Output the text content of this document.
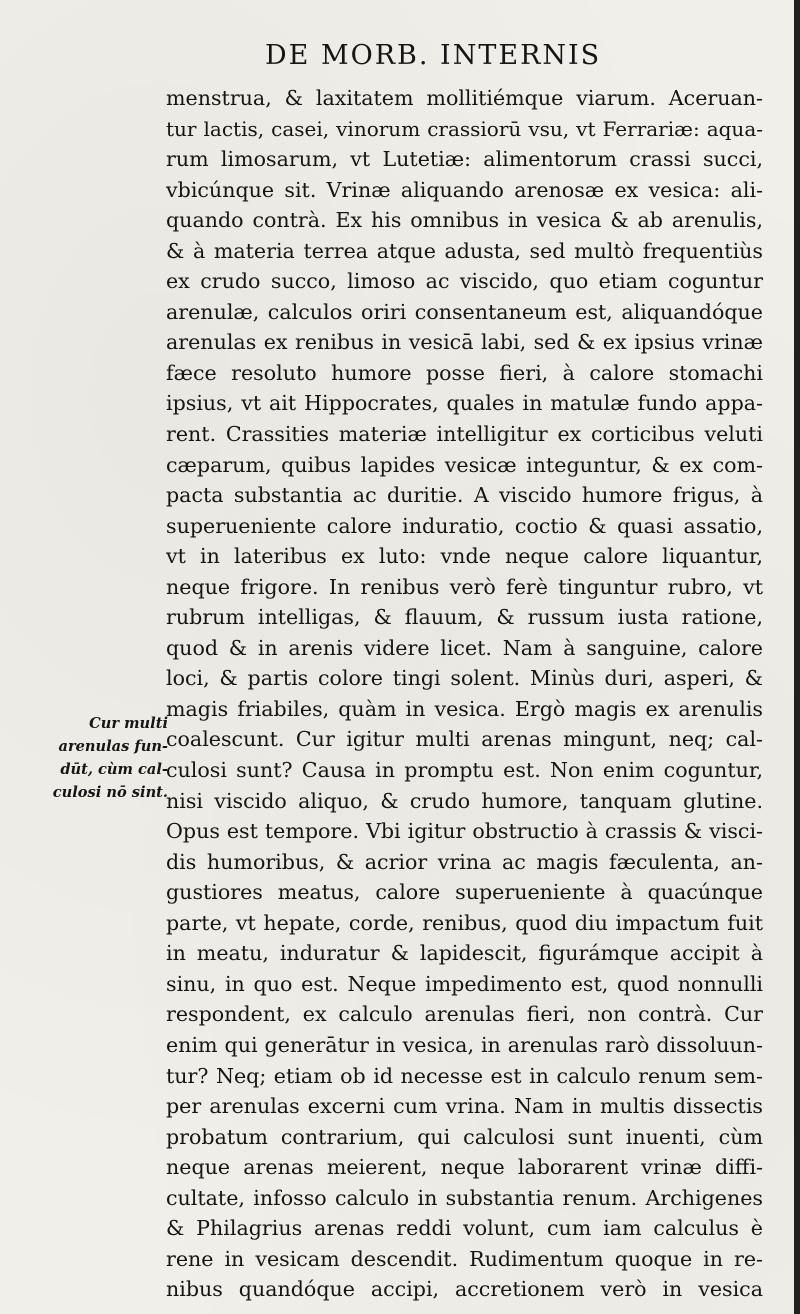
DE MORB. INTERNIS
menstrua, & laxitatem mollitiémque viarum. Aceruan-
tur lactis, casei, vinorum crassiorū vsu, vt Ferrariæ: aqua-
rum limosarum, vt Lutetiæ: alimentorum crassi succi,
vbicúnque sit. Vrinæ aliquando arenosæ ex vesica: ali-
quando contrà. Ex his omnibus in vesica & ab arenulis,
& à materia terrea atque adusta, sed multò frequentiùs
ex crudo succo, limoso ac viscido, quo etiam coguntur
arenulæ, calculos oriri consentaneum est, aliquandóque
arenulas ex renibus in vesicā labi, sed & ex ipsius vrinæ
fæce resoluto humore posse fieri, à calore stomachi
ipsius, vt ait Hippocrates, quales in matulæ fundo appa-
rent. Crassities materiæ intelligitur ex corticibus veluti
cæparum, quibus lapides vesicæ integuntur, & ex com-
pacta substantia ac duritie. A viscido humore frigus, à
superueniente calore induratio, coctio & quasi assatio,
vt in lateribus ex luto: vnde neque calore liquantur,
neque frigore. In renibus verò ferè tinguntur rubro, vt
rubrum intelligas, & flauum, & russum iusta ratione,
quod & in arenis videre licet. Nam à sanguine, calore
loci, & partis colore tingi solent. Minùs duri, asperi, &
magis friabiles, quàm in vesica. Ergò magis ex arenulis
coalescunt. Cur igitur multi arenas mingunt, neq; cal-
culosi sunt? Causa in promptu est. Non enim coguntur,
nisi viscido aliquo, & crudo humore, tanquam glutine.
Opus est tempore. Vbi igitur obstructio à crassis & visci-
dis humoribus, & acrior vrina ac magis fæculenta, an-
gustiores meatus, calore superueniente à quacúnque
parte, vt hepate, corde, renibus, quod diu impactum fuit
in meatu, induratur & lapidescit, figurámque accipit à
sinu, in quo est. Neque impedimento est, quod nonnulli
respondent, ex calculo arenulas fieri, non contrà. Cur
enim qui generātur in vesica, in arenulas rarò dissoluun-
tur? Neq; etiam ob id necesse est in calculo renum sem-
per arenulas excerni cum vrina. Nam in multis dissectis
probatum contrarium, qui calculosi sunt inuenti, cùm
neque arenas meierent, neque laborarent vrinæ diffi-
cultate, infosso calculo in substantia renum. Archigenes
& Philagrius arenas reddi volunt, cum iam calculus è
rene in vesicam descendit. Rudimentum quoque in re-
nibus quandóque accipi, accretionem verò in vesica
Cur multi
arenulas fun-
dūt, cùm cal-
culosi nō sint.
